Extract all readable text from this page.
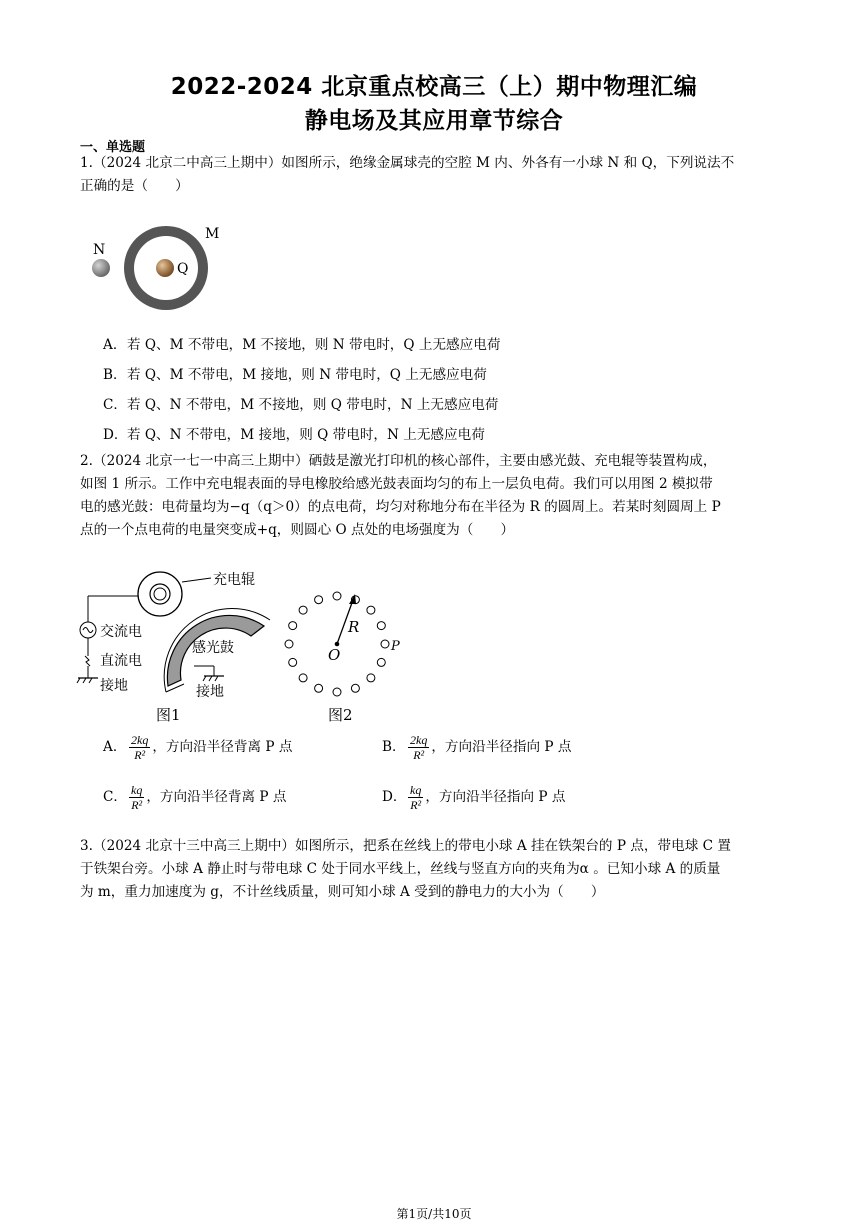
2022-2024 北京重点校高三（上）期中物理汇编
静电场及其应用章节综合
一、单选题
1.（2024 北京二中高三上期中）如图所示，绝缘金属球壳的空腔 M 内、外各有一小球 N 和 Q，下列说法不
正确的是（　　）
N
M
Q
A．若 Q、M 不带电，M 不接地，则 N 带电时，Q 上无感应电荷
B．若 Q、M 不带电，M 接地，则 N 带电时，Q 上无感应电荷
C．若 Q、N 不带电，M 不接地，则 Q 带电时，N 上无感应电荷
D．若 Q、N 不带电，M 接地，则 Q 带电时，N 上无感应电荷
2.（2024 北京一七一中高三上期中）硒鼓是激光打印机的核心部件，主要由感光鼓、充电辊等装置构成，
如图 1 所示。工作中充电辊表面的导电橡胶给感光鼓表面均匀的布上一层负电荷。我们可以用图 2 模拟带
电的感光鼓：电荷量均为−q（q＞0）的点电荷，均匀对称地分布在半径为 R 的圆周上。若某时刻圆周上 P
点的一个点电荷的电量突变成+q，则圆心 O 点处的电场强度为（　　）
充电辊
感光鼓
接地
交流电
直流电
接地
图1
R
O	P
图2
A． $\frac{2kq}{\text{R²}}$ ，方向沿半径背离 P 点	B． $\frac{2kq}{\text{R²}}$ ，方向沿半径指向 P 点
C． $\frac{kq}{\text{R²}}$ ，方向沿半径背离 P 点	D． $\frac{kq}{\text{R²}}$ ，方向沿半径指向 P 点
3.（2024 北京十三中高三上期中）如图所示，把系在丝线上的带电小球 A 挂在铁架台的 P 点，带电球 C 置
于铁架台旁。小球 A 静止时与带电球 C 处于同水平线上，丝线与竖直方向的夹角为α 。已知小球 A 的质量
为 m，重力加速度为 g，不计丝线质量，则可知小球 A 受到的静电力的大小为（　　）
第1页/共10页
